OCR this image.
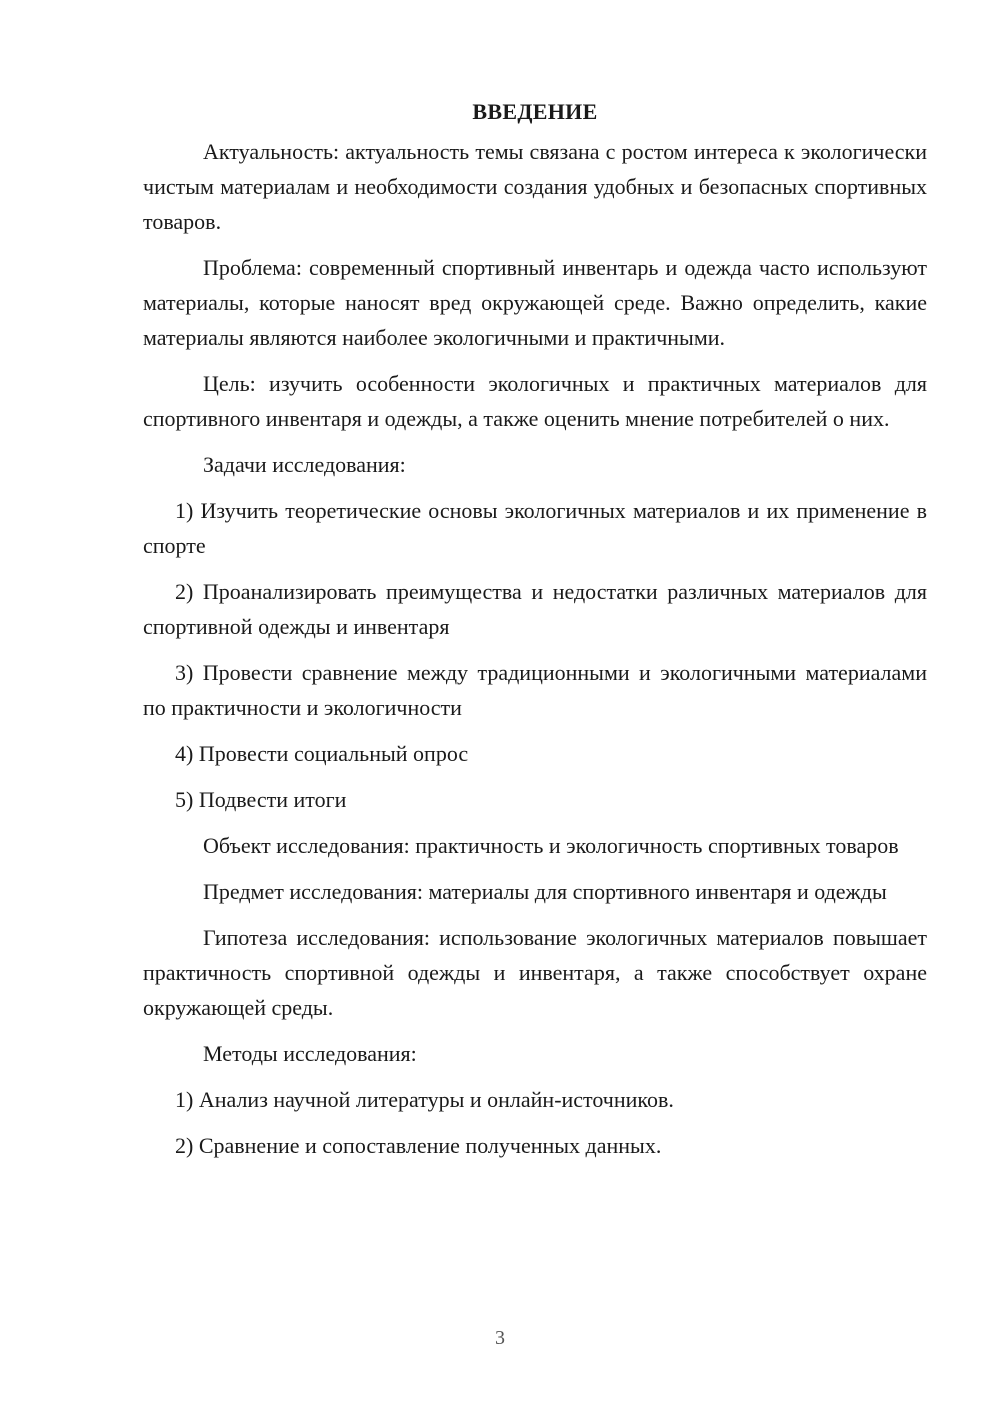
ВВЕДЕНИЕ

Актуальность: актуальность темы связана с ростом интереса к экологически чистым материалам и необходимости создания удобных и безопасных спортивных товаров.

Проблема: современный спортивный инвентарь и одежда часто используют материалы, которые наносят вред окружающей среде. Важно определить, какие материалы являются наиболее экологичными и практичными.

Цель: изучить особенности экологичных и практичных материалов для спортивного инвентаря и одежды, а также оценить мнение потребителей о них.

Задачи исследования:

1) Изучить теоретические основы экологичных материалов и их применение в спорте

2) Проанализировать преимущества и недостатки различных материалов для спортивной одежды и инвентаря

3) Провести сравнение между традиционными и экологичными материалами по практичности и экологичности

4) Провести социальный опрос

5) Подвести итоги

Объект исследования: практичность и экологичность спортивных товаров

Предмет исследования: материалы для спортивного инвентаря и одежды

Гипотеза исследования: использование экологичных материалов повышает практичность спортивной одежды и инвентаря, а также способствует охране окружающей среды.

Методы исследования:

1) Анализ научной литературы и онлайн-источников.

2) Сравнение и сопоставление полученных данных.

3
